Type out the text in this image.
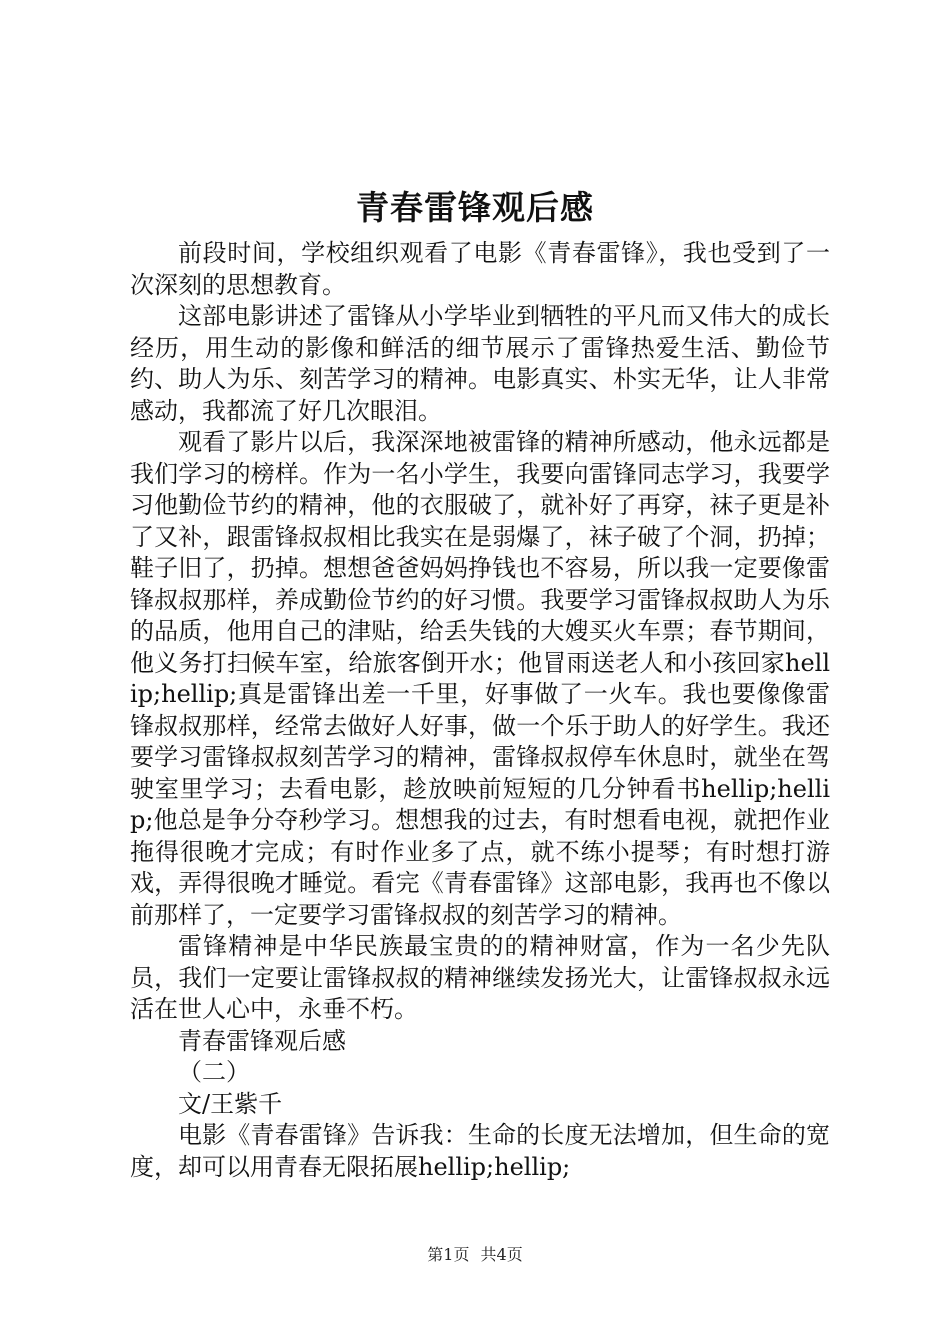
青春雷锋观后感

前段时间，学校组织观看了电影《青春雷锋》，我也受到了一次深刻的思想教育。

这部电影讲述了雷锋从小学毕业到牺牲的平凡而又伟大的成长经历，用生动的影像和鲜活的细节展示了雷锋热爱生活、勤俭节约、助人为乐、刻苦学习的精神。电影真实、朴实无华，让人非常感动，我都流了好几次眼泪。

观看了影片以后，我深深地被雷锋的精神所感动，他永远都是我们学习的榜样。作为一名小学生，我要向雷锋同志学习，我要学习他勤俭节约的精神，他的衣服破了，就补好了再穿，袜子更是补了又补，跟雷锋叔叔相比我实在是弱爆了，袜子破了个洞，扔掉；鞋子旧了，扔掉。想想爸爸妈妈挣钱也不容易，所以我一定要像雷锋叔叔那样，养成勤俭节约的好习惯。我要学习雷锋叔叔助人为乐的品质，他用自己的津贴，给丢失钱的大嫂买火车票；春节期间，他义务打扫候车室，给旅客倒开水；他冒雨送老人和小孩回家hellip;hellip;真是雷锋出差一千里，好事做了一火车。我也要像像雷锋叔叔那样，经常去做好人好事，做一个乐于助人的好学生。我还要学习雷锋叔叔刻苦学习的精神，雷锋叔叔停车休息时，就坐在驾驶室里学习；去看电影，趁放映前短短的几分钟看书hellip;hellip;他总是争分夺秒学习。想想我的过去，有时想看电视，就把作业拖得很晚才完成；有时作业多了点，就不练小提琴；有时想打游戏，弄得很晚才睡觉。看完《青春雷锋》这部电影，我再也不像以前那样了，一定要学习雷锋叔叔的刻苦学习的精神。

雷锋精神是中华民族最宝贵的的精神财富，作为一名少先队员，我们一定要让雷锋叔叔的精神继续发扬光大，让雷锋叔叔永远活在世人心中，永垂不朽。

青春雷锋观后感

（二）

文/王紫千

电影《青春雷锋》告诉我：生命的长度无法增加，但生命的宽度，却可以用青春无限拓展hellip;hellip;

第1页 共4页
